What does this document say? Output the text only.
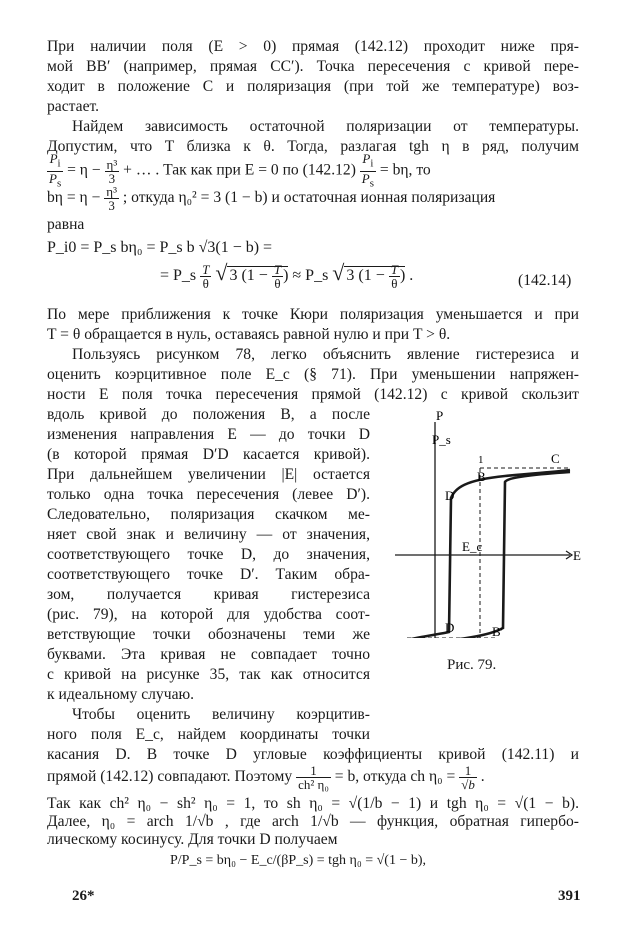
При наличии поля (E > 0) прямая (142.12) проходит ниже пря-
мой BB′ (например, прямая CC′). Точка пересечения с кривой пере-
ходит в положение C и поляризация (при той же температуре) воз-
растает.
Найдем зависимость остаточной поляризации от температуры.
Допустим, что T близка к θ. Тогда, разлагая tgh η в ряд, получим
$\frac{P_i}{P_s} = \eta - \frac{\text{η³}}{3}$ + … . Так как при E = 0 по $(142.12) \frac{P_i}{P_s} = b\eta$, то
$b\eta = \eta - \frac{\text{η³}}{3}$ ; откуда η₀² = 3 (1 − b) и остаточная ионная поляризация
равна
P_i0 = P_s bη₀ = P_s b √3(1 − b) =
= P_s $\frac{T}{\theta}$ √ 3 ($1 - \frac{T}{\theta}$ ) ≈ P_s √ 3 ($1 - \frac{T}{\theta}$ ) .	(142.14)
По мере приближения к точке Кюри поляризация уменьшается и при
T = θ обращается в нуль, оставаясь равной нулю и при T > θ.
Пользуясь рисунком 78, легко объяснить явление гистерезиса и
оценить коэрцитивное поле E_c (§ 71). При уменьшении напряжен-
ности E поля точка пересечения прямой (142.12) с кривой скользит
вдоль кривой до положения B, а после
изменения направления E — до точки D
(в которой прямая D′D касается кривой).
При дальнейшем увеличении |E| остается
только одна точка пересечения (левее D′).
Следовательно, поляризация скачком ме-
няет свой знак и величину — от значения,
соответствующего точке D, до значения,
соответствующего точке D′. Таким обра-
зом, получается кривая гистерезиса
(рис. 79), на которой для удобства соот-
ветствующие точки обозначены теми же
буквами. Эта кривая не совпадает точно
с кривой на рисунке 35, так как относится
к идеальному случаю.
Чтобы оценить величину коэрцитив-
ного поля E_c, найдем координаты точки
P
P_s
1
B
C
D
E_c
E
D	B′
Рис. 79.
касания D. В точке D угловые коэффициенты кривой (142.11) и
прямой (142.12) совпадают. Поэтому $\frac{1}{\text{ch² η₀}} = b$, откуда ch $\eta_0 = \frac{1}{√b}$ .
Так как ch² η₀ − sh² η₀ = 1, то sh η₀ = √(1/b − 1) и tgh η₀ = √(1 − b).
Далее, η₀ = arch 1/√b , где arch 1/√b — функция, обратная гипербо-
лическому косинусу. Для точки D получаем
P/P_s = bη₀ − E_c/(βP_s) = tgh η₀ = √(1 − b),
26*	391
